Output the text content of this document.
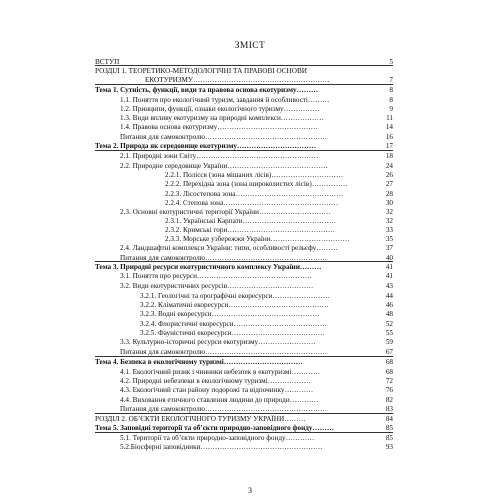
ЗМІСТ
ВСТУП	5
РОЗДІЛ 1. ТЕОРЕТИКО-МЕТОДОЛОГІЧНІ ТА ПРАВОВІ ОСНОВИ
ЕКОТУРИЗМУ…………………………………………………	7
Тема 1. Сутність, функції, види та правова основа екотуризму………	8
1.1. Поняття про екологічний туризм, завдання й особливості………	8
1.2. Принципи, функції, ознаки екологічного туризму……………	9
1.3. Види впливу екотуризму на природні комплекси………………	11
1.4. Правова основа екотуризму……………………………………	14
Питання для самоконтролю……………………………………………	16
Тема 2. Природа як середовище екотуризму……………………………	17
2.1. Природні зони Світу……………………………………………	18
2.2. Природне середовище України……………………………………	24
2.2.1. Полісся (зона мішаних лісів)…………………………	26
2.2.2. Перехідна зона (зона широколистих лісів)……………	27
2.2.3. Лісостепова зона………………………………………	28
2.2.4. Степова зона…………………………………………	30
2.3. Основні екотуристичні території України…………………………	32
2.3.1. Українські Карпати…………………………………	32
2.3.2. Кримські гори………………………………………	33
2.3.3. Морське узбережжя України……………………………	35
2.4. Ландшафтні комплекси України: типи, особливості рельєфу………	37
Питання для самоконтролю……………………………………………	40
Тема 3. Природні ресурси екотуристичного комплексу України………	41
3.1. Поняття про ресурси…………………………………………	41
3.2. Види екотуристичних ресурсів………………………………	43
3.2.1. Геологічні та орографічні екоресурси……………………	44
3.2.2. Кліматичні екоресурси……………………………………	46
3.2.3. Водні екоресурси………………………………………	48
3.2.4. Флористичні екоресурси…………………………………	52
3.2.5. Фауністичні екоресурси…………………………………	55
3.3. Культурно-історичні ресурси екотуризму……………………	59
Питання для самоконтролю……………………………………………	67
Тема 4. Безпека в екологічному туризмі……………………………	68
4.1. Екологічний ризик і чинники небезпек в екотуризмі…………	68
4.2. Природні небезпеки в екологічному туризмі………………	72
4.3. Екологічний стан району подорожі та відпочинку…………	76
4.4. Виховання етичного ставлення людини до природи…………	82
Питання для самоконтролю……………………………………………	83
РОЗДІЛ 2. ОБ’ЄКТИ ЕКОЛОГІЧНОГО ТУРИЗМУ УКРАЇНИ………	84
Тема 5. Заповідні території та об’єкти природно-заповідного фонду………	85
5.1. Території та об’єкти природно-заповідного фонду…………	85
5.2.Біосферні заповідники……………………………………………	93
3
